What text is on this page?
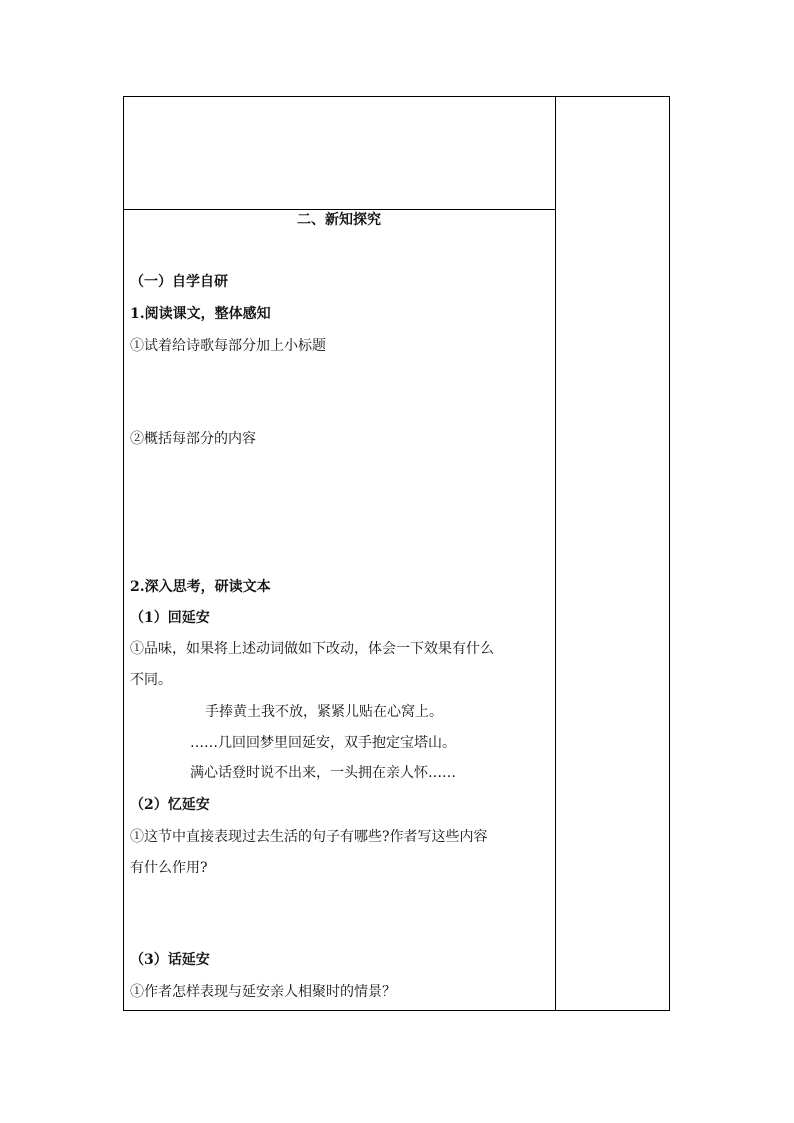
二、新知探究
（一）自学自研
1.阅读课文，整体感知
①试着给诗歌每部分加上小标题
②概括每部分的内容
2.深入思考，研读文本
（1）回延安
①品味，如果将上述动词做如下改动，体会一下效果有什么
不同。
手捧黄土我不放，紧紧儿贴在心窝上。
……几回回梦里回延安，双手抱定宝塔山。
满心话登时说不出来，一头拥在亲人怀……
（2）忆延安
①这节中直接表现过去生活的句子有哪些?作者写这些内容
有什么作用?
（3）话延安
①作者怎样表现与延安亲人相聚时的情景？
